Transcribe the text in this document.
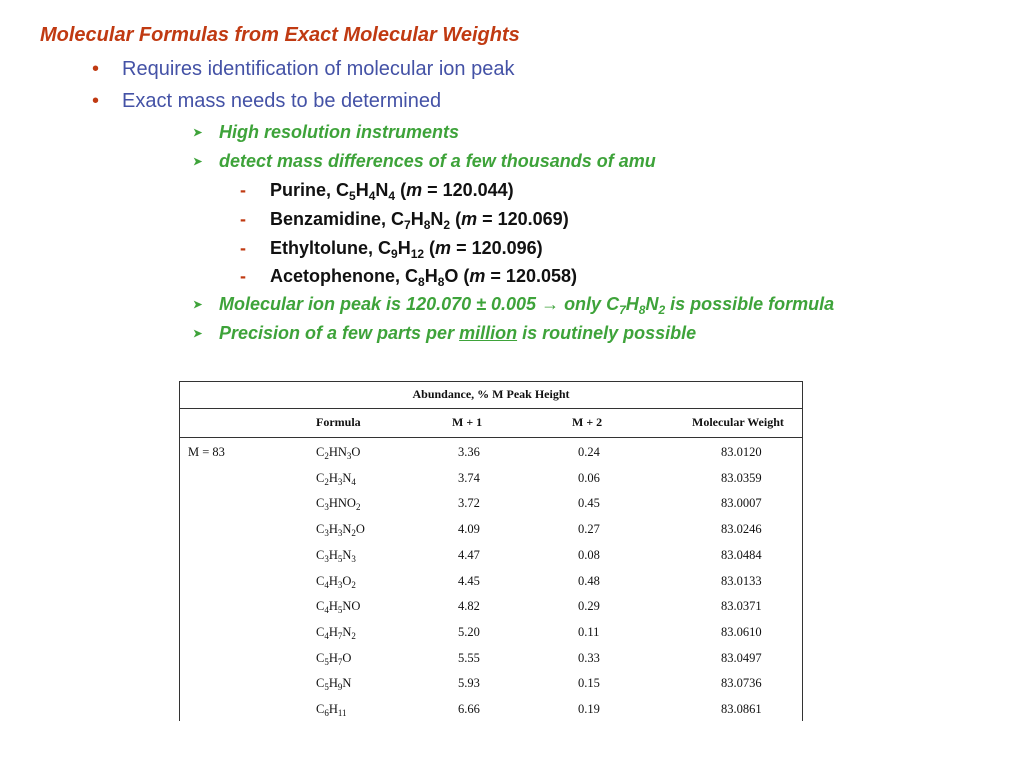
Molecular Formulas from Exact Molecular Weights
• Requires identification of molecular ion peak
• Exact mass needs to be determined
➤ High resolution instruments
➤ detect mass differences of a few thousands of amu
- Purine, $C_5H_4N_4$ (m = 120.044)
- Benzamidine, $C_7H_8N_2$ (m = 120.069)
- Ethyltolune, $C_9H_{12}$ (m = 120.096)
- Acetophenone, $C_8H_8O$ (m = 120.058)
➤ Molecular ion peak is 120.070 ± 0.005 → only $C_7H_8N_2$ is possible formula
➤ Precision of a few parts per million is routinely possible
Abundance, % M Peak Height
Formula	M + 1	M + 2	Molecular Weight
M = 83	$C_2HN_3O$	3.36	0.24	83.0120
$C_2H_3N_4$	3.74	0.06	83.0359
$C_3HNO_2$	3.72	0.45	83.0007
$C_3H_3N_2O$	4.09	0.27	83.0246
$C_3H_5N_3$	4.47	0.08	83.0484
$C_4H_3O_2$	4.45	0.48	83.0133
$C_4H_5NO$	4.82	0.29	83.0371
$C_4H_7N_2$	5.20	0.11	83.0610
$C_5H_7O$	5.55	0.33	83.0497
$C_5H_9N$	5.93	0.15	83.0736
$C_6H_{11}$	6.66	0.19	83.0861
